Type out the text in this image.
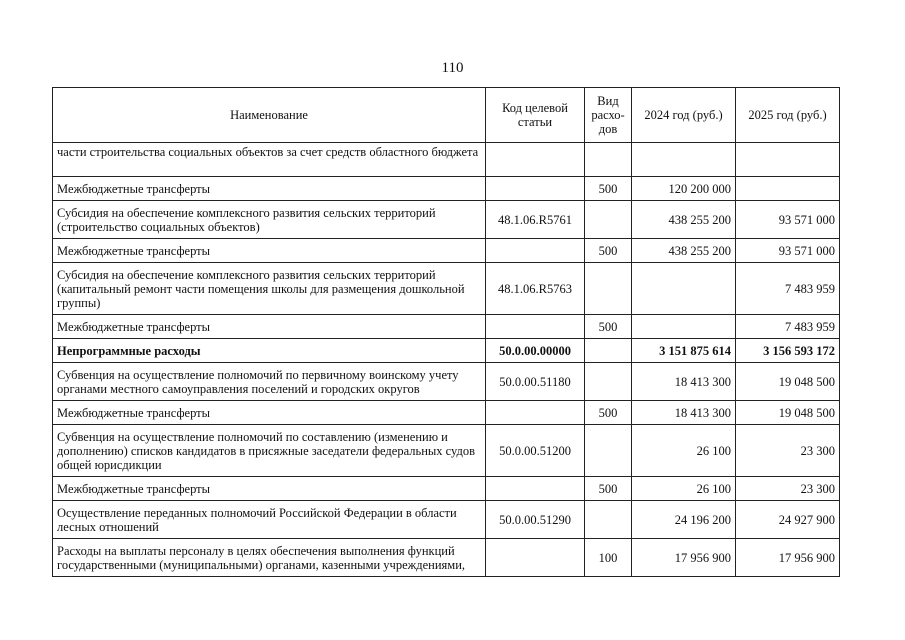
110
Наименование	Код целевой статьи	Вид расхо-дов	2024 год (руб.)	2025 год (руб.)
части строительства социальных объектов за счет средств областного бюджета				
Межбюджетные трансферты		500	120 200 000	
Субсидия на обеспечение комплексного развития сельских территорий (строительство социальных объектов)	48.1.06.R5761		438 255 200	93 571 000
Межбюджетные трансферты		500	438 255 200	93 571 000
Субсидия на обеспечение комплексного развития сельских территорий (капитальный ремонт части помещения школы для размещения дошкольной группы)	48.1.06.R5763			7 483 959
Межбюджетные трансферты		500		7 483 959
Непрограммные расходы	50.0.00.00000		3 151 875 614	3 156 593 172
Субвенция на осуществление полномочий по первичному воинскому учету органами местного самоуправления поселений и городских округов	50.0.00.51180		18 413 300	19 048 500
Межбюджетные трансферты		500	18 413 300	19 048 500
Субвенция на осуществление полномочий по составлению (изменению и дополнению) списков кандидатов в присяжные заседатели федеральных судов общей юрисдикции	50.0.00.51200		26 100	23 300
Межбюджетные трансферты		500	26 100	23 300
Осуществление переданных полномочий Российской Федерации в области лесных отношений	50.0.00.51290		24 196 200	24 927 900
Расходы на выплаты персоналу в целях обеспечения выполнения функций государственными (муниципальными) органами, казенными учреждениями,		100	17 956 900	17 956 900
